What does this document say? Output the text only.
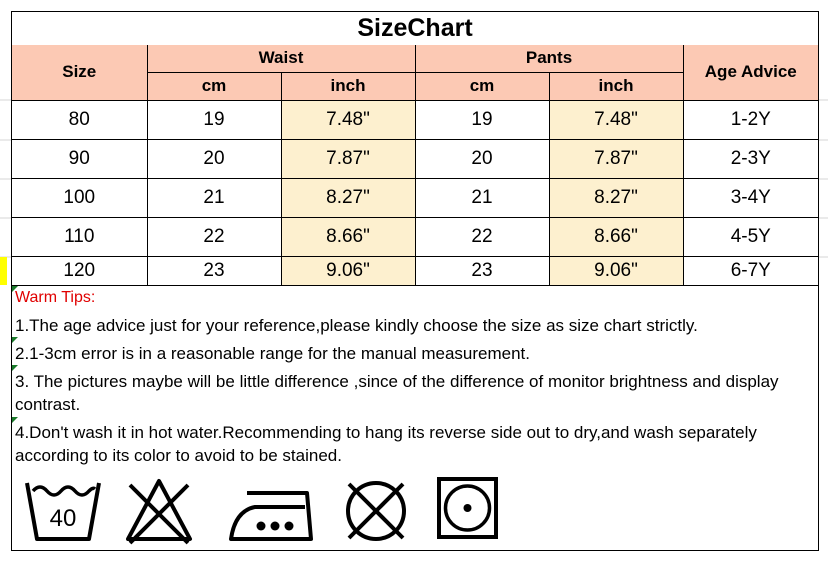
SizeChart
Size	Waist		Pants		Age Advice
	cm	inch	cm	inch	
80	19	7.48"	19	7.48"	1-2Y
90	20	7.87"	20	7.87"	2-3Y
100	21	8.27"	21	8.27"	3-4Y
110	22	8.66"	22	8.66"	4-5Y
120	23	9.06"	23	9.06"	6-7Y
Warm Tips:
1.The age advice just for your reference,please kindly choose the size as size chart strictly.
2.1-3cm error is in a reasonable range for the manual measurement.
3. The pictures maybe will be little difference ,since of the difference of monitor brightness and display contrast.
4.Don't wash it in hot water.Recommending to hang its reverse side out to dry,and wash separately according to its color to avoid to be stained.
40
